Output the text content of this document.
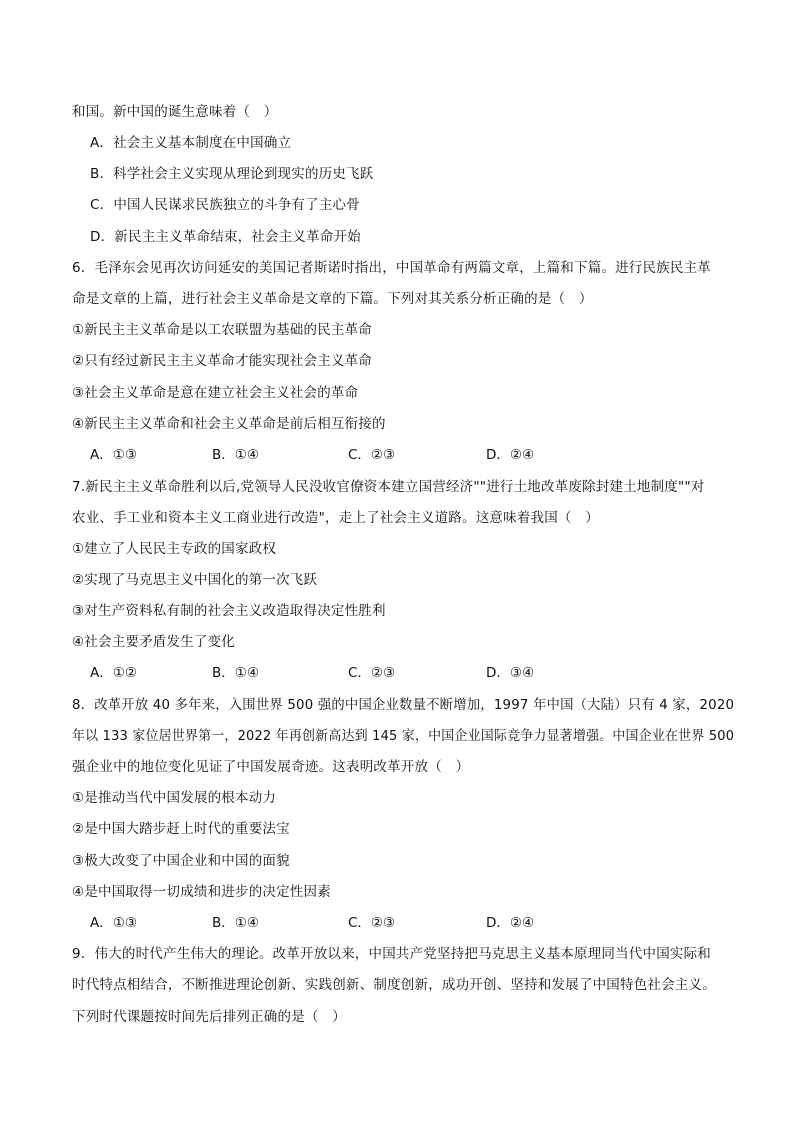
和国。新中国的诞生意味着（　）
A．社会主义基本制度在中国确立
B．科学社会主义实现从理论到现实的历史飞跃
C．中国人民谋求民族独立的斗争有了主心骨
D．新民主主义革命结束，社会主义革命开始
6．毛泽东会见再次访问延安的美国记者斯诺时指出，中国革命有两篇文章，上篇和下篇。进行民族民主革
命是文章的上篇，进行社会主义革命是文章的下篇。下列对其关系分析正确的是（　）
①新民主主义革命是以工农联盟为基础的民主革命
②只有经过新民主主义革命才能实现社会主义革命
③社会主义革命是意在建立社会主义社会的革命
④新民主主义革命和社会主义革命是前后相互衔接的
A．①③	B．①④	C．②③	D．②④
7.新民主主义革命胜利以后,党领导人民没收官僚资本建立国营经济""进行土地改革废除封建土地制度""对
农业、手工业和资本主义工商业进行改造"，走上了社会主义道路。这意味着我国（　）
①建立了人民民主专政的国家政权
②实现了马克思主义中国化的第一次飞跃
③对生产资料私有制的社会主义改造取得决定性胜利
④社会主要矛盾发生了变化
A．①②	B．①④	C．②③	D．③④
8．改革开放 40 多年来，入围世界 500 强的中国企业数量不断增加，1997 年中国（大陆）只有 4 家，2020
年以 133 家位居世界第一，2022 年再创新高达到 145 家，中国企业国际竞争力显著增强。中国企业在世界 500
强企业中的地位变化见证了中国发展奇迹。这表明改革开放（　）
①是推动当代中国发展的根本动力
②是中国大踏步赶上时代的重要法宝
③极大改变了中国企业和中国的面貌
④是中国取得一切成绩和进步的决定性因素
A．①③	B．①④	C．②③	D．②④
9．伟大的时代产生伟大的理论。改革开放以来，中国共产党坚持把马克思主义基本原理同当代中国实际和
时代特点相结合，不断推进理论创新、实践创新、制度创新，成功开创、坚持和发展了中国特色社会主义。
下列时代课题按时间先后排列正确的是（　）
